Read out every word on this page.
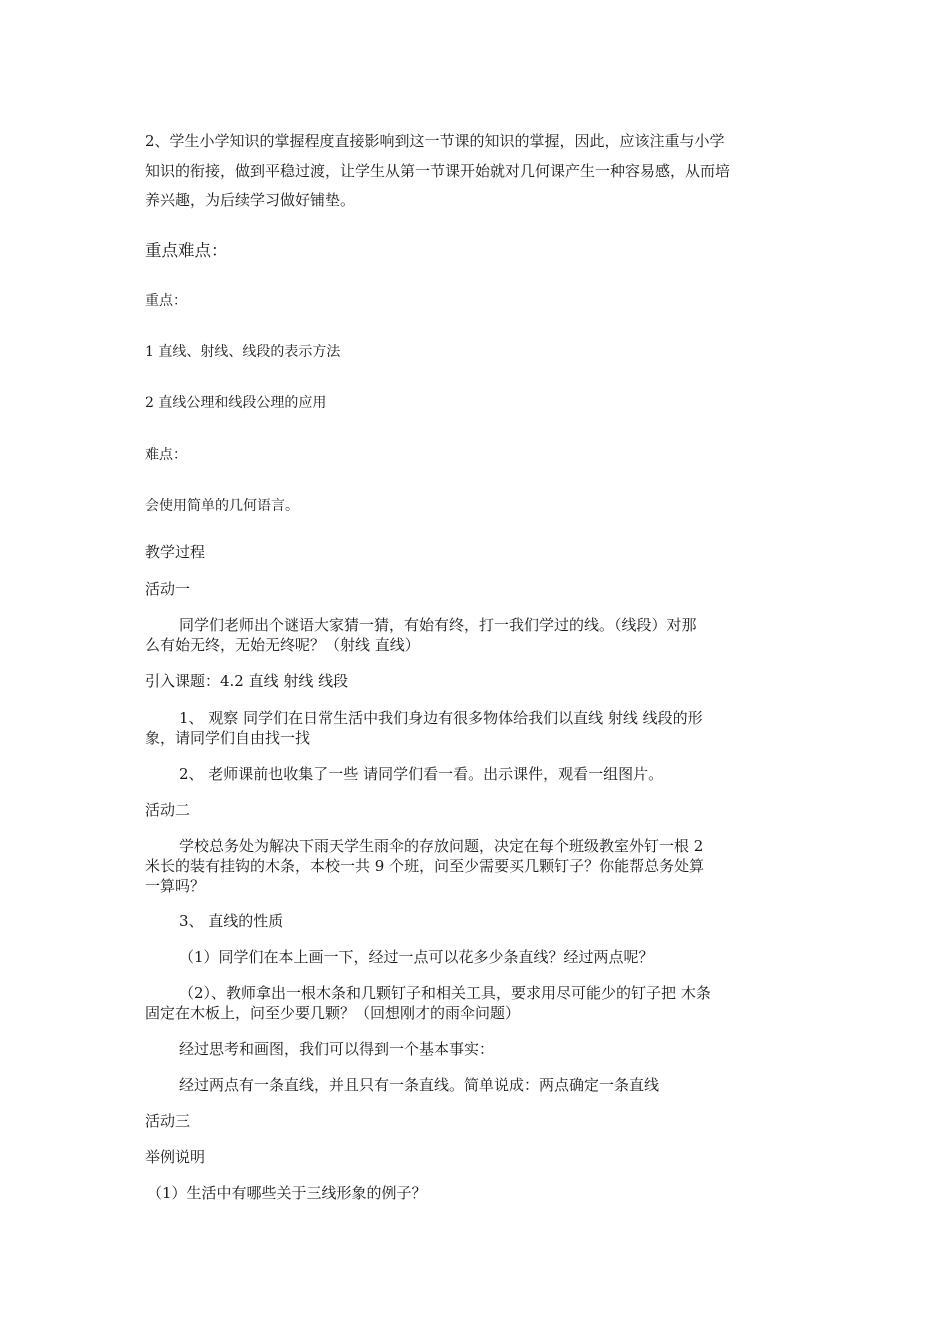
2、学生小学知识的掌握程度直接影响到这一节课的知识的掌握，因此，应该注重与小学

知识的衔接，做到平稳过渡，让学生从第一节课开始就对几何课产生一种容易感，从而培

养兴趣，为后续学习做好铺垫。

重点难点：

重点：

1 直线、射线、线段的表示方法

2 直线公理和线段公理的应用

难点：

会使用简单的几何语言。

教学过程

活动一

同学们老师出个谜语大家猜一猜，有始有终，打一我们学过的线。（线段）对那

么有始无终，无始无终呢？（射线 直线）

引入课题：4.2 直线 射线 线段

1、 观察 同学们在日常生活中我们身边有很多物体给我们以直线 射线 线段的形

象，请同学们自由找一找

2、 老师课前也收集了一些 请同学们看一看。出示课件，观看一组图片。

活动二

学校总务处为解决下雨天学生雨伞的存放问题，决定在每个班级教室外钉一根 2

米长的装有挂钩的木条，本校一共 9 个班，问至少需要买几颗钉子？你能帮总务处算

一算吗？

3、 直线的性质

（1）同学们在本上画一下，经过一点可以花多少条直线？经过两点呢？

（2）、教师拿出一根木条和几颗钉子和相关工具，要求用尽可能少的钉子把 木条

固定在木板上，问至少要几颗？（回想刚才的雨伞问题）

经过思考和画图，我们可以得到一个基本事实：

经过两点有一条直线，并且只有一条直线。简单说成：两点确定一条直线

活动三

举例说明

（1）生活中有哪些关于三线形象的例子？
